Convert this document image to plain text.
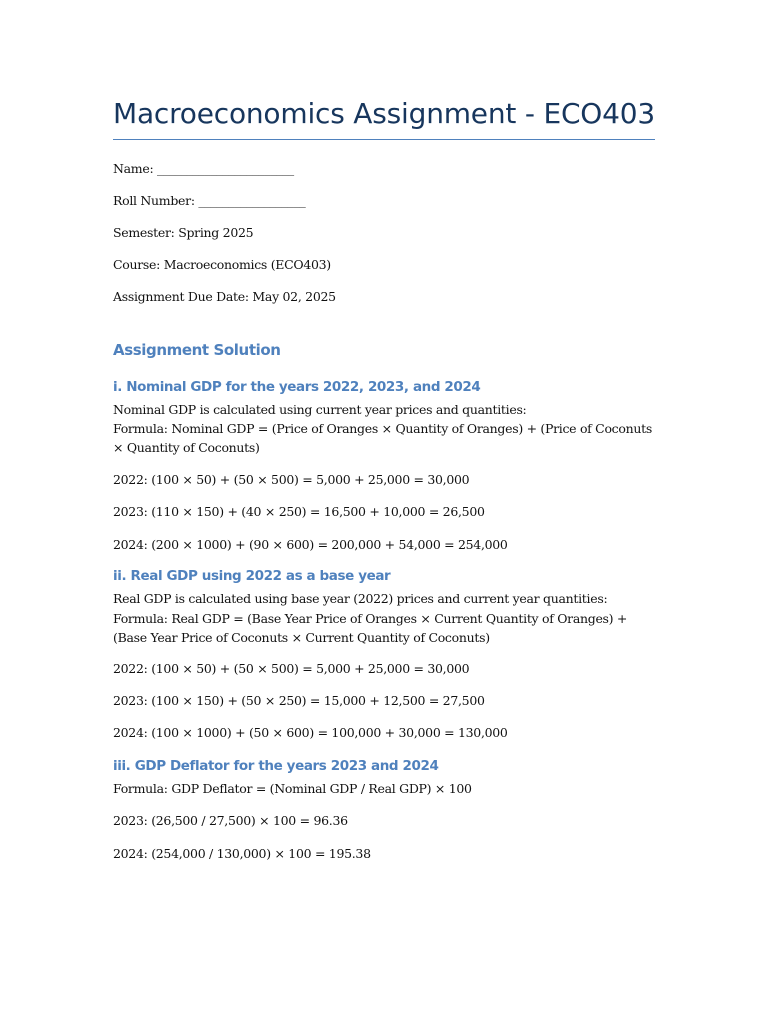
Macroeconomics Assignment - ECO403

Name: _______________________

Roll Number: __________________

Semester: Spring 2025

Course: Macroeconomics (ECO403)

Assignment Due Date: May 02, 2025

Assignment Solution
i. Nominal GDP for the years 2022, 2023, and 2024

Nominal GDP is calculated using current year prices and quantities:

Formula: Nominal GDP = (Price of Oranges × Quantity of Oranges) + (Price of Coconuts × Quantity of Coconuts)

2022: (100 × 50) + (50 × 500) = 5,000 + 25,000 = 30,000

2023: (110 × 150) + (40 × 250) = 16,500 + 10,000 = 26,500

2024: (200 × 1000) + (90 × 600) = 200,000 + 54,000 = 254,000

ii. Real GDP using 2022 as a base year

Real GDP is calculated using base year (2022) prices and current year quantities:

Formula: Real GDP = (Base Year Price of Oranges × Current Quantity of Oranges) + (Base Year Price of Coconuts × Current Quantity of Coconuts)

2022: (100 × 50) + (50 × 500) = 5,000 + 25,000 = 30,000

2023: (100 × 150) + (50 × 250) = 15,000 + 12,500 = 27,500

2024: (100 × 1000) + (50 × 600) = 100,000 + 30,000 = 130,000

iii. GDP Deflator for the years 2023 and 2024

Formula: GDP Deflator = (Nominal GDP / Real GDP) × 100

2023: (26,500 / 27,500) × 100 = 96.36

2024: (254,000 / 130,000) × 100 = 195.38
